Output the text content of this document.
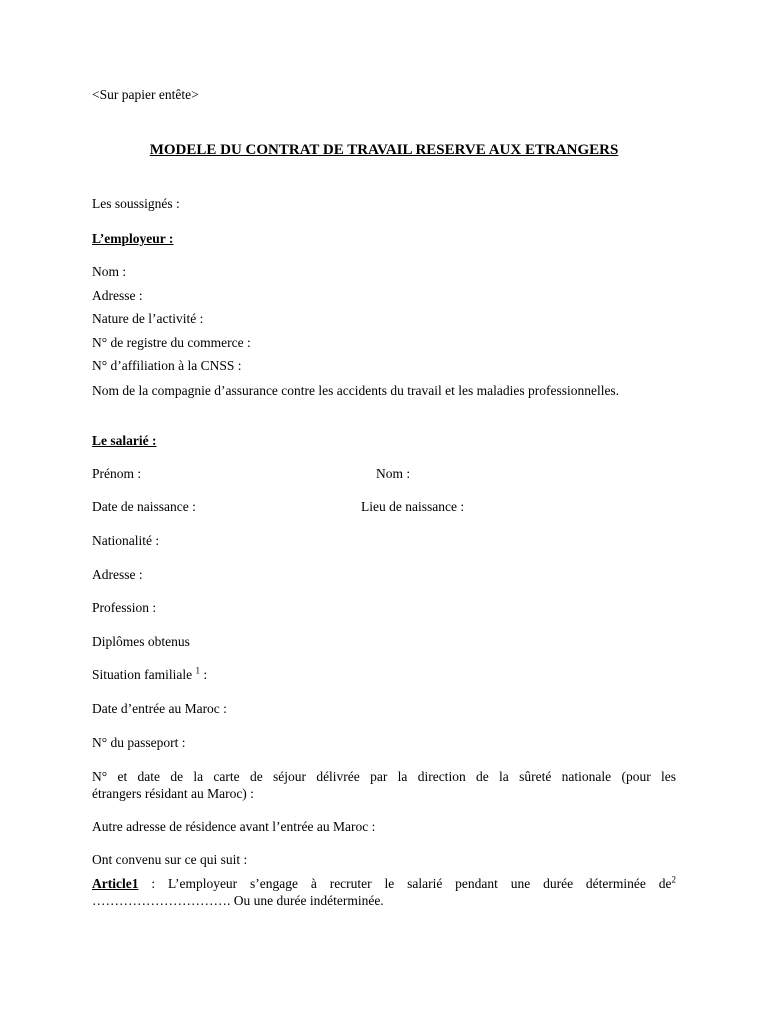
<Sur papier entête>
MODELE DU CONTRAT DE TRAVAIL RESERVE AUX ETRANGERS
Les soussignés :
L’employeur :
Nom :
Adresse :
Nature de l’activité :
N° de registre du commerce :
N° d’affiliation à la CNSS :
Nom de la compagnie d’assurance contre les accidents du travail et les maladies professionnelles.
Le salarié :
Prénom :	Nom :
Date de naissance :	Lieu de naissance :
Nationalité :
Adresse :
Profession :
Diplômes obtenus
Situation familiale $^1$ :
Date d’entrée au Maroc :
N° du passeport :
N° et date de la carte de séjour délivrée par la direction de la sûreté nationale (pour les
étrangers résidant au Maroc) :
Autre adresse de résidence avant l’entrée au Maroc :
Ont convenu sur ce qui suit :
Article1 : L’employeur s’engage à recruter le salarié pendant une durée déterminée $de^2$
…………………………. Ou une durée indéterminée.
